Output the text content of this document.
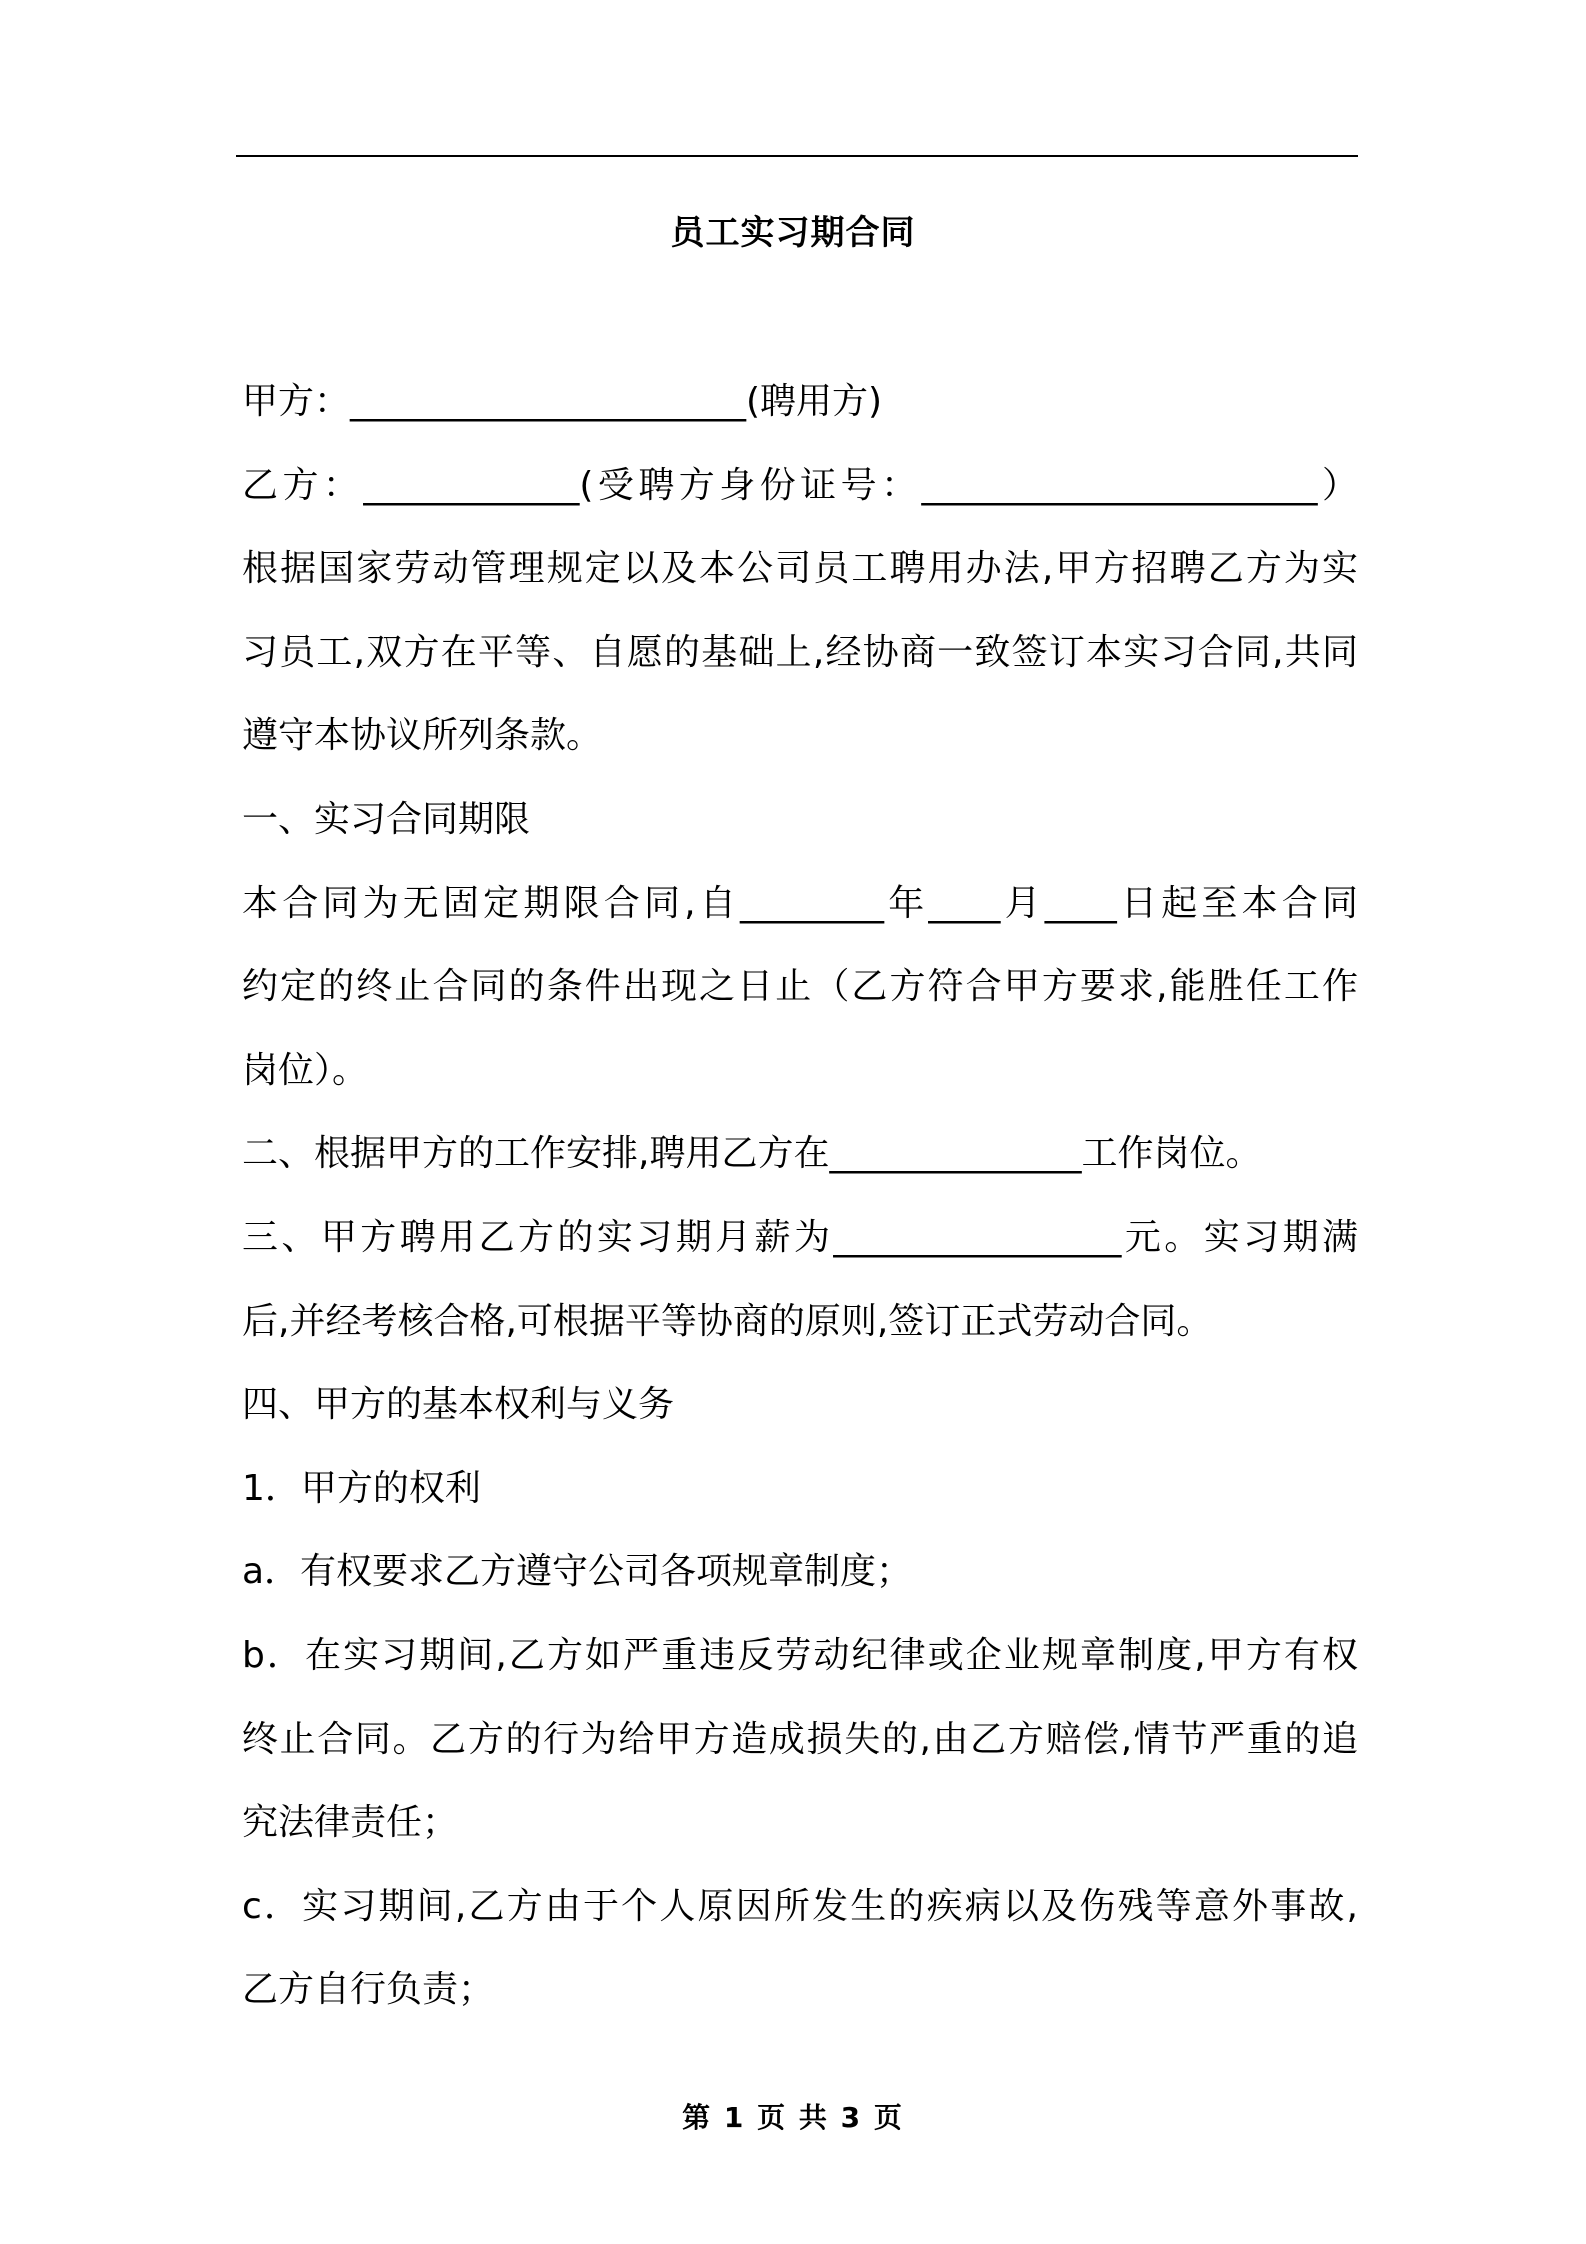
员工实习期合同
甲方：______________________(聘用方)
乙方：____________(受聘方身份证号：______________________）
根据国家劳动管理规定以及本公司员工聘用办法,甲方招聘乙方为实
习员工,双方在平等、自愿的基础上,经协商一致签订本实习合同,共同
遵守本协议所列条款。
一、实习合同期限
本合同为无固定期限合同,自________年____月____日起至本合同
约定的终止合同的条件出现之日止（乙方符合甲方要求,能胜任工作
岗位）。
二、根据甲方的工作安排,聘用乙方在______________工作岗位。
三、甲方聘用乙方的实习期月薪为________________元。实习期满
后,并经考核合格,可根据平等协商的原则,签订正式劳动合同。
四、甲方的基本权利与义务
1．甲方的权利
a．有权要求乙方遵守公司各项规章制度；
b．在实习期间,乙方如严重违反劳动纪律或企业规章制度,甲方有权
终止合同。乙方的行为给甲方造成损失的,由乙方赔偿,情节严重的追
究法律责任；
c．实习期间,乙方由于个人原因所发生的疾病以及伤残等意外事故,
乙方自行负责；
第 1 页 共 3 页
